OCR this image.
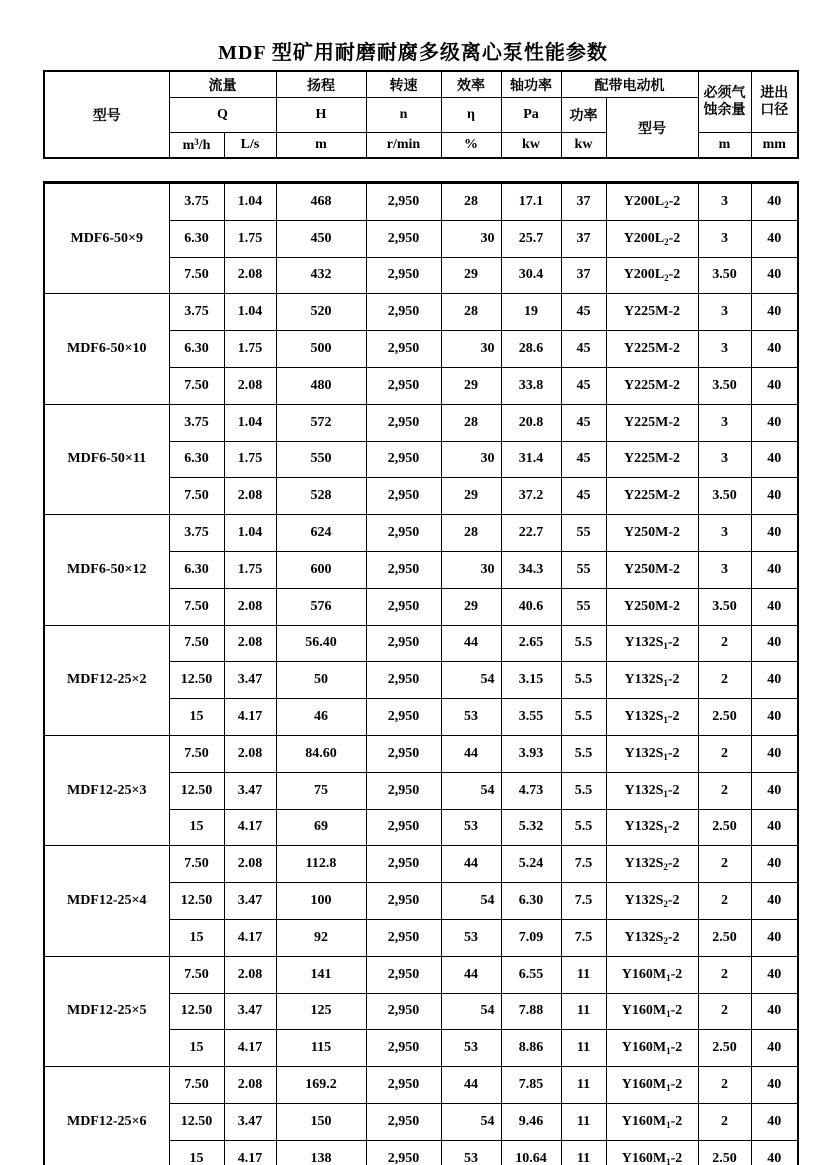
MDF 型矿用耐磨耐腐多级离心泵性能参数
型号	流量		扬程	转速	效率	轴功率	配带电动机		必须气
蚀余量	进出
口径

	Q		H	n	η	Pa	功率	型号		
	$m^3/h$	L/s	m	r/min	%	kw	kw		m	mm
MDF6-50×9	3.75	1.04	468	2,950	28	17.1	37	$Y200L_2-2$	3	40
	6.30	1.75	450	2,950	30	25.7	37	$Y200L_2-2$	3	40
	7.50	2.08	432	2,950	29	30.4	37	$Y200L_2-2$	3.50	40
MDF6-50×10	3.75	1.04	520	2,950	28	19	45	Y225M-2	3	40
	6.30	1.75	500	2,950	30	28.6	45	Y225M-2	3	40
	7.50	2.08	480	2,950	29	33.8	45	Y225M-2	3.50	40
MDF6-50×11	3.75	1.04	572	2,950	28	20.8	45	Y225M-2	3	40
	6.30	1.75	550	2,950	30	31.4	45	Y225M-2	3	40
	7.50	2.08	528	2,950	29	37.2	45	Y225M-2	3.50	40
MDF6-50×12	3.75	1.04	624	2,950	28	22.7	55	Y250M-2	3	40
	6.30	1.75	600	2,950	30	34.3	55	Y250M-2	3	40
	7.50	2.08	576	2,950	29	40.6	55	Y250M-2	3.50	40
MDF12-25×2	7.50	2.08	56.40	2,950	44	2.65	5.5	$Y132S_1-2$	2	40
	12.50	3.47	50	2,950	54	3.15	5.5	$Y132S_1-2$	2	40
	15	4.17	46	2,950	53	3.55	5.5	$Y132S_1-2$	2.50	40
MDF12-25×3	7.50	2.08	84.60	2,950	44	3.93	5.5	$Y132S_1-2$	2	40
	12.50	3.47	75	2,950	54	4.73	5.5	$Y132S_1-2$	2	40
	15	4.17	69	2,950	53	5.32	5.5	$Y132S_1-2$	2.50	40
MDF12-25×4	7.50	2.08	112.8	2,950	44	5.24	7.5	$Y132S_2-2$	2	40
	12.50	3.47	100	2,950	54	6.30	7.5	$Y132S_2-2$	2	40
	15	4.17	92	2,950	53	7.09	7.5	$Y132S_2-2$	2.50	40
MDF12-25×5	7.50	2.08	141	2,950	44	6.55	11	$Y160M_1-2$	2	40
	12.50	3.47	125	2,950	54	7.88	11	$Y160M_1-2$	2	40
	15	4.17	115	2,950	53	8.86	11	$Y160M_1-2$	2.50	40
MDF12-25×6	7.50	2.08	169.2	2,950	44	7.85	11	$Y160M_1-2$	2	40
	12.50	3.47	150	2,950	54	9.46	11	$Y160M_1-2$	2	40
	15	4.17	138	2,950	53	10.64	11	$Y160M_1-2$	2.50	40
